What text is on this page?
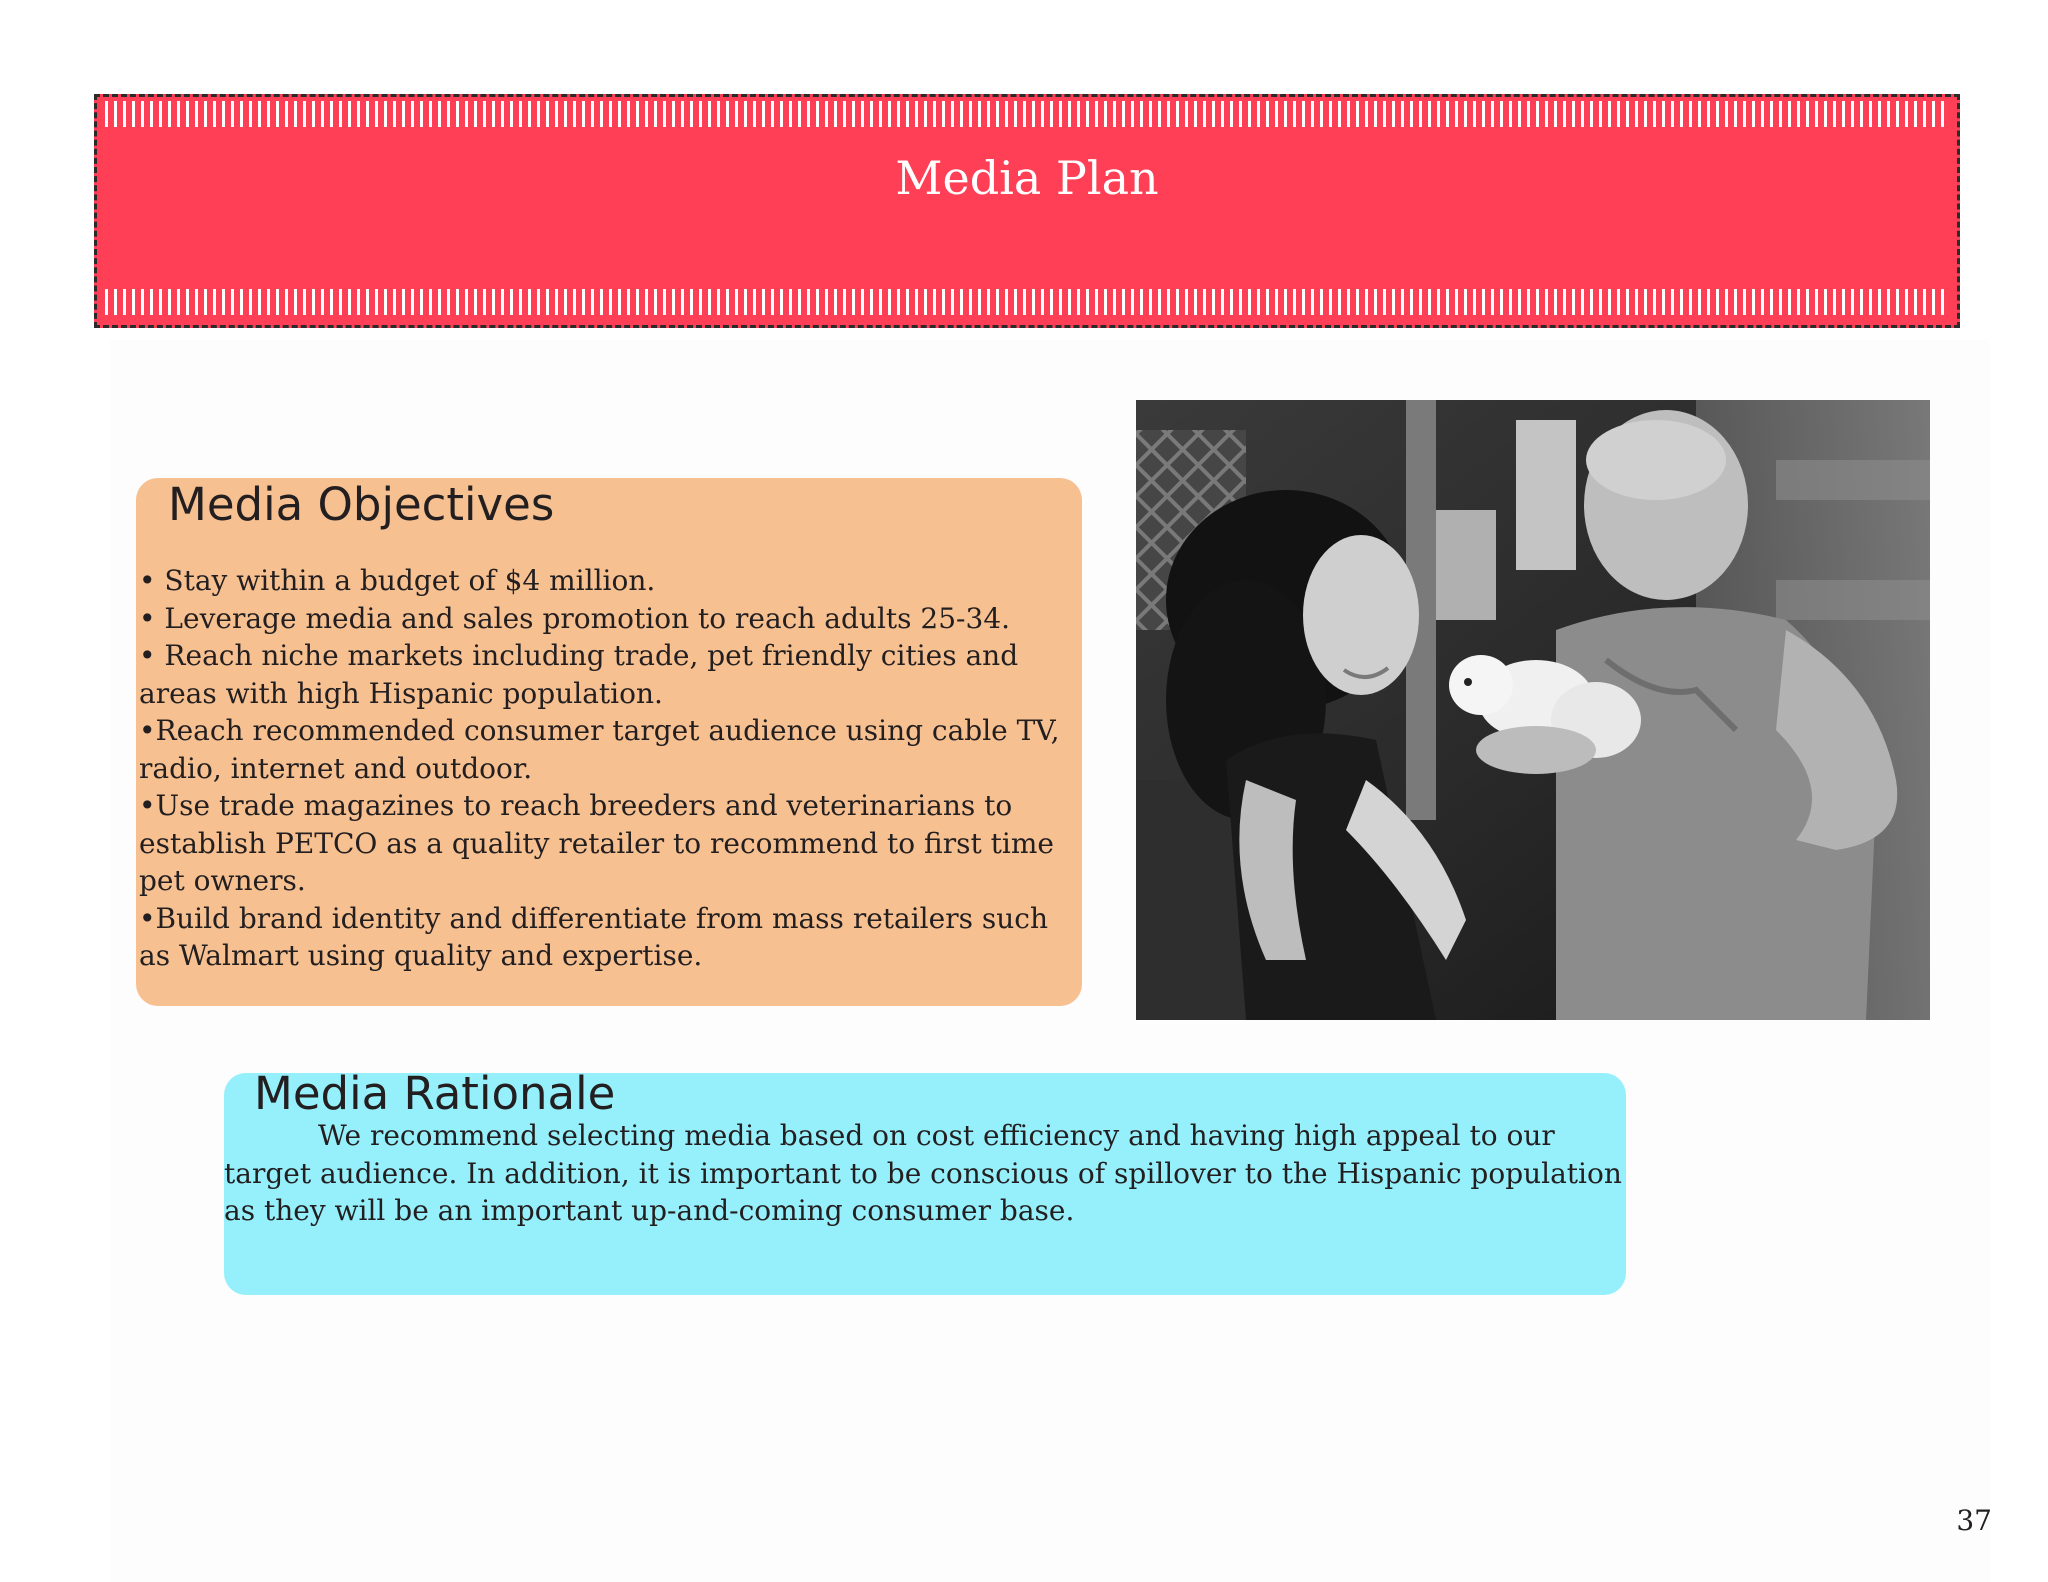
Media Plan
Media Objectives
• Stay within a budget of $4 million.
• Leverage media and sales promotion to reach adults 25-34.
• Reach niche markets including trade, pet friendly cities and areas with high Hispanic population.
•Reach recommended consumer target audience using cable TV, radio, internet and outdoor.
•Use trade magazines to reach breeders and veterinarians to establish PETCO as a quality retailer to recommend to first time pet owners.
•Build brand identity and differentiate from mass retailers such as Walmart using quality and expertise.
Media Rationale

We recommend selecting media based on cost efficiency and having high appeal to our target audience. In addition, it is important to be conscious of spillover to the Hispanic population as they will be an important up-and-coming consumer base.

37
